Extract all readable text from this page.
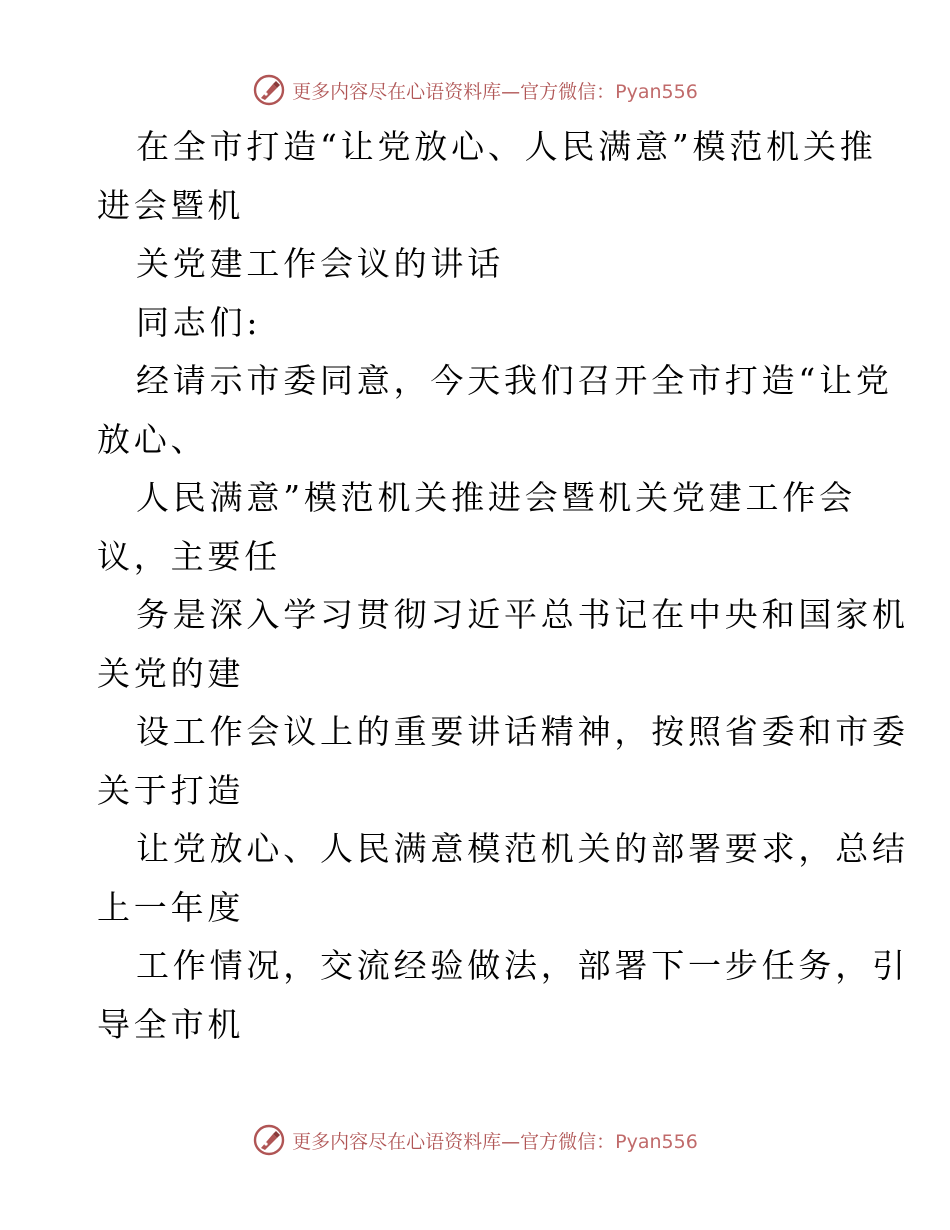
更多内容尽在心语资料库—官方微信：Pyan556
在全市打造“让党放心、人民满意”模范机关推
进会暨机
关党建工作会议的讲话
同志们:
经请示市委同意，今天我们召开全市打造“让党
放心、
人民满意”模范机关推进会暨机关党建工作会
议，主要任
务是深入学习贯彻习近平总书记在中央和国家机
关党的建
设工作会议上的重要讲话精神，按照省委和市委
关于打造
让党放心、人民满意模范机关的部署要求，总结
上一年度
工作情况，交流经验做法，部署下一步任务，引
导全市机
更多内容尽在心语资料库—官方微信：Pyan556
